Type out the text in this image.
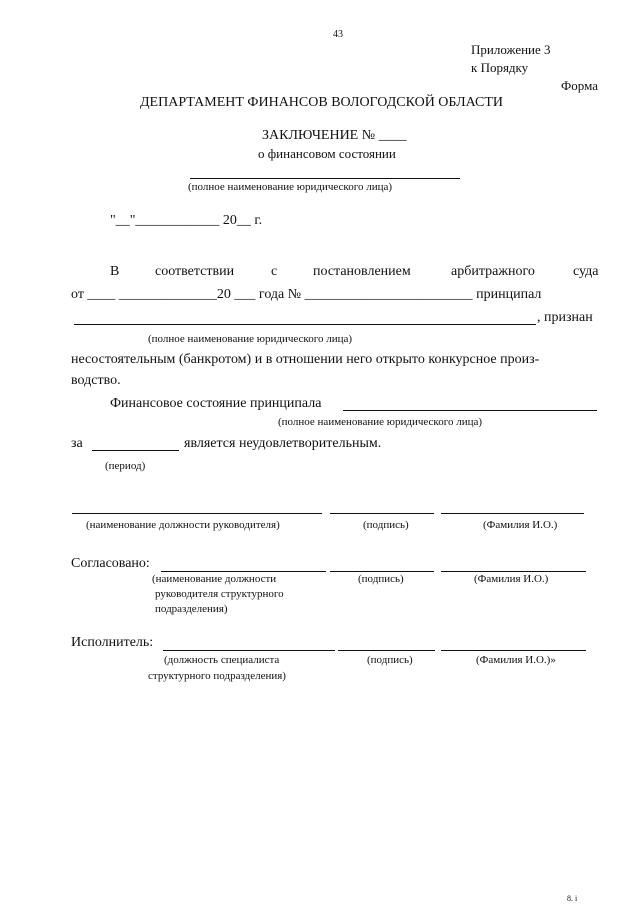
43
Приложение 3
к Порядку
Форма
ДЕПАРТАМЕНТ ФИНАНСОВ ВОЛОГОДСКОЙ ОБЛАСТИ
ЗАКЛЮЧЕНИЕ № ____
о финансовом состоянии
(полное наименование юридического лица)
"__"____________ 20__ г.
В	соответствии	с	постановлением	арбитражного	суда
от ____ ______________20 ___ года № ________________________ принципал
, признан
(полное наименование юридического лица)
несостоятельным (банкротом) и в отношении него открыто конкурсное произ-
водство.
Финансовое состояние принципала
(полное наименование юридического лица)
за	является неудовлетворительным.
(период)
(наименование должности руководителя)	(подпись)	(Фамилия И.О.)
Согласовано:
(наименование должности
руководителя структурного
подразделения)
(подпись)	(Фамилия И.О.)
Исполнитель:
(должность специалиста
структурного подразделения)
(подпись)	(Фамилия И.О.)»
8. i
